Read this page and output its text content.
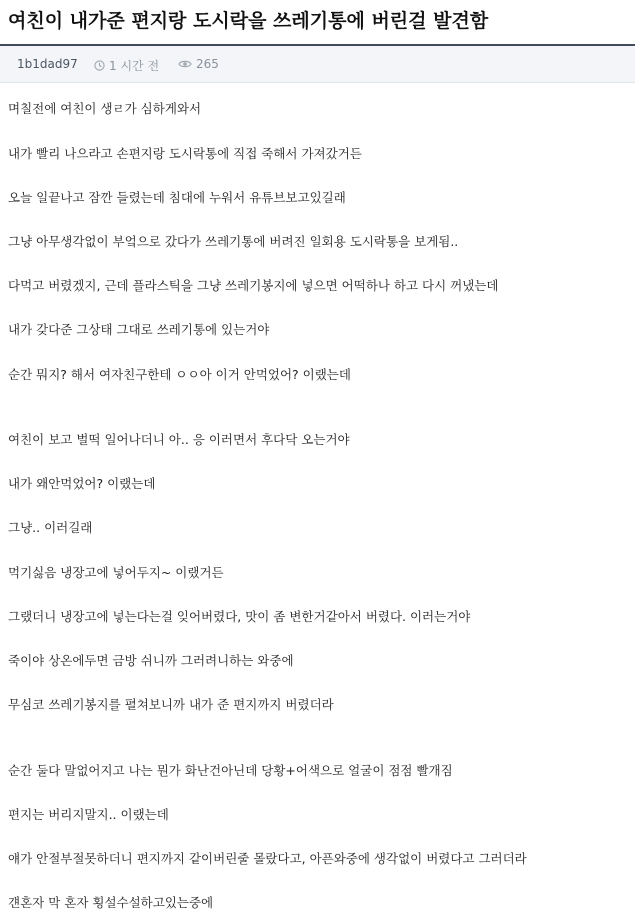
여친이 내가준 편지랑 도시락을 쓰레기통에 버린걸 발견함
1b1dad97	1 시간 전	265
며칠전에 여친이 생ㄹ가 심하게와서
내가 빨리 나으라고 손편지랑 도시락통에 직접 죽해서 가져갔거든
오늘 일끝나고 잠깐 들렸는데 침대에 누워서 유튜브보고있길래
그냥 아무생각없이 부엌으로 갔다가 쓰레기통에 버려진 일회용 도시락통을 보게됨..
다먹고 버렸겠지, 근데 플라스틱을 그냥 쓰레기봉지에 넣으면 어떡하나 하고 다시 꺼냈는데
내가 갖다준 그상태 그대로 쓰레기통에 있는거야
순간 뭐지? 해서 여자친구한테 ㅇㅇ아 이거 안먹었어? 이랬는데
여친이 보고 벌떡 일어나더니 아.. 응 이러면서 후다닥 오는거야
내가 왜안먹었어? 이랬는데
그냥.. 이러길래
먹기싫음 냉장고에 넣어두지~ 이랬거든
그랬더니 냉장고에 넣는다는걸 잊어버렸다, 맛이 좀 변한거같아서 버렸다. 이러는거야
죽이야 상온에두면 금방 쉬니까 그러려니하는 와중에
무심코 쓰레기봉지를 펼쳐보니까 내가 준 편지까지 버렸더라
순간 둘다 말없어지고 나는 뭔가 화난건아닌데 당황+어색으로 얼굴이 점점 빨개짐
편지는 버리지말지.. 이랬는데
얘가 안절부절못하더니 편지까지 같이버린줄 몰랐다고, 아픈와중에 생각없이 버렸다고 그러더라
걘혼자 막 혼자 횡설수설하고있는중에
